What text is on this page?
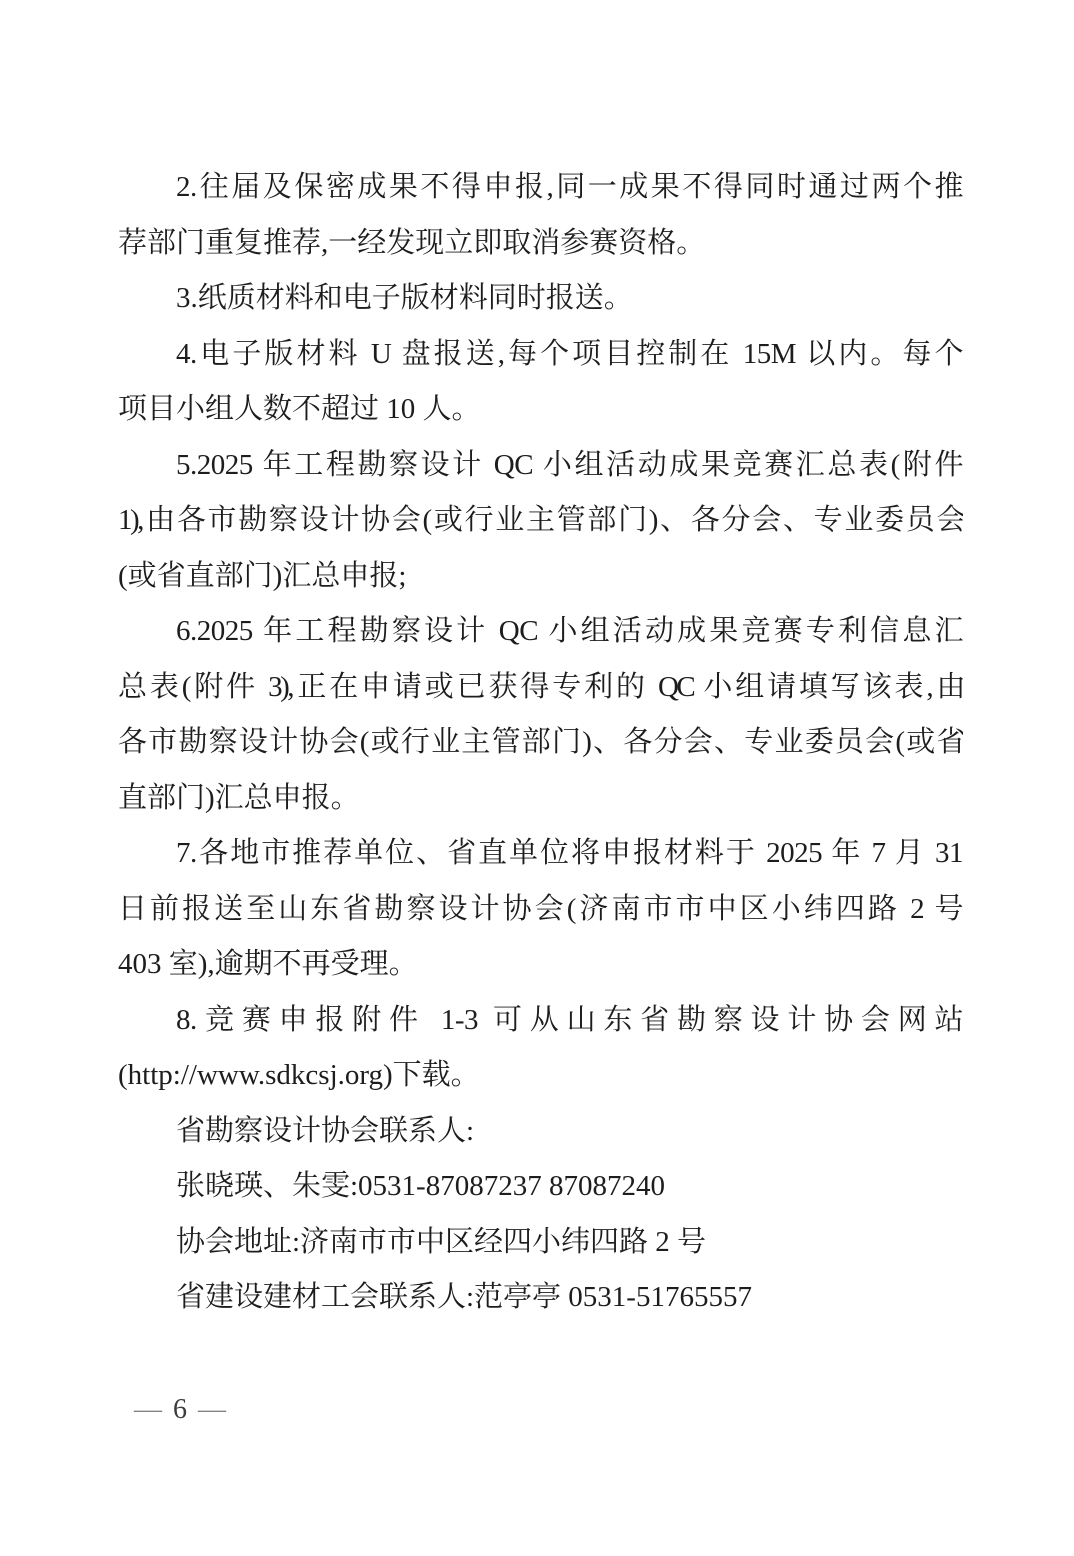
2.往届及保密成果不得申报,同一成果不得同时通过两个推

荐部门重复推荐,一经发现立即取消参赛资格。

3.纸质材料和电子版材料同时报送。

4.电子版材料 U 盘报送,每个项目控制在 15M 以内。每个

项目小组人数不超过 10 人。

5.2025 年工程勘察设计 QC 小组活动成果竞赛汇总表(附件

1),由各市勘察设计协会(或行业主管部门)、各分会、专业委员会

(或省直部门)汇总申报;

6.2025 年工程勘察设计 QC 小组活动成果竞赛专利信息汇

总表(附件 3),正在申请或已获得专利的 QC 小组请填写该表,由

各市勘察设计协会(或行业主管部门)、各分会、专业委员会(或省

直部门)汇总申报。

7.各地市推荐单位、省直单位将申报材料于 2025 年 7 月 31

日前报送至山东省勘察设计协会(济南市市中区小纬四路 2 号

403 室),逾期不再受理。

8.竞赛申报附件 1-3 可从山东省勘察设计协会网站

(http://www.sdkcsj.org)下载。

省勘察设计协会联系人:

张晓瑛、朱雯:0531-87087237 87087240

协会地址:济南市市中区经四小纬四路 2 号

省建设建材工会联系人:范亭亭 0531-51765557

— 6 —
